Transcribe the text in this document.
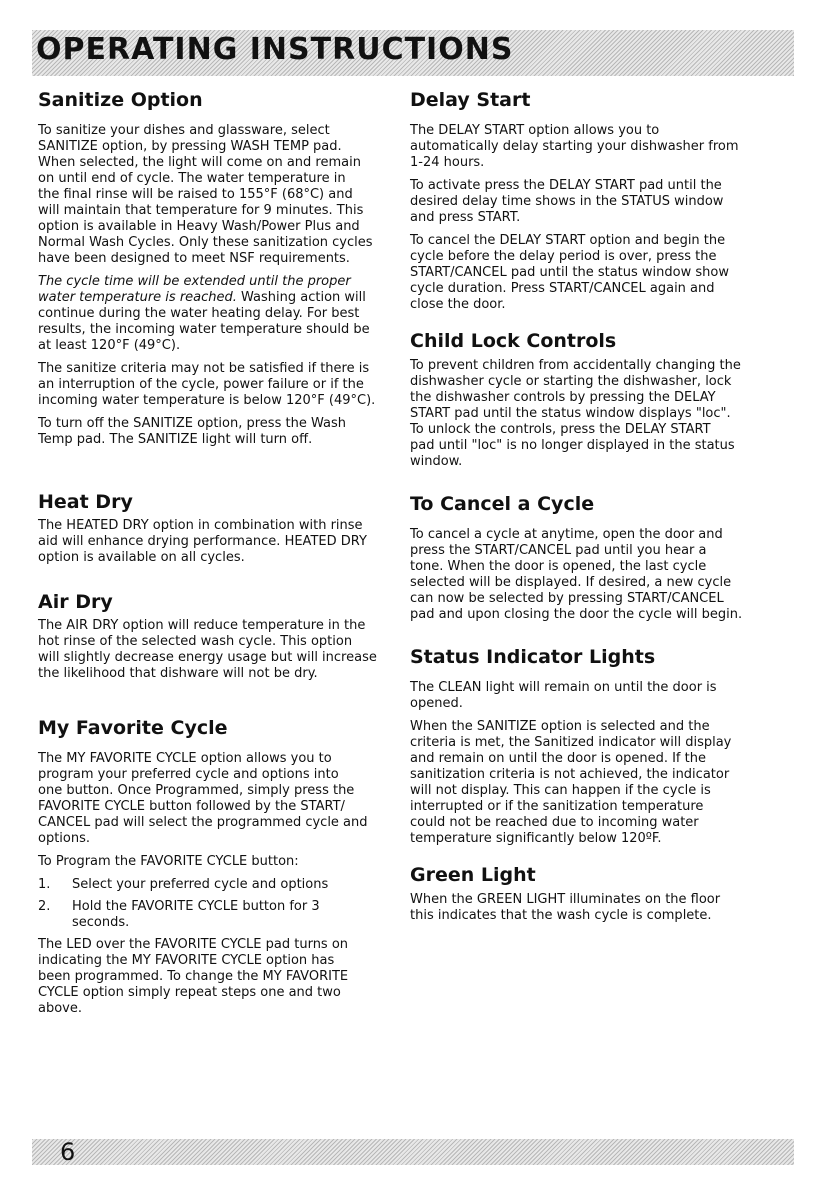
OPERATING INSTRUCTIONS
Sanitize Option

To sanitize your dishes and glassware, select
SANITIZE option, by pressing WASH TEMP pad.
When selected, the light will come on and remain
on until end of cycle. The water temperature in
the final rinse will be raised to 155°F (68°C) and
will maintain that temperature for 9 minutes. This
option is available in Heavy Wash/Power Plus and
Normal Wash Cycles. Only these sanitization cycles
have been designed to meet NSF requirements.

The cycle time will be extended until the proper
water temperature is reached. Washing action will
continue during the water heating delay. For best
results, the incoming water temperature should be
at least 120°F (49°C).

The sanitize criteria may not be satisfied if there is
an interruption of the cycle, power failure or if the
incoming water temperature is below 120°F (49°C).

To turn off the SANITIZE option, press the Wash
Temp pad. The SANITIZE light will turn off.

Heat Dry

The HEATED DRY option in combination with rinse
aid will enhance drying performance. HEATED DRY
option is available on all cycles.

Air Dry

The AIR DRY option will reduce temperature in the
hot rinse of the selected wash cycle. This option
will slightly decrease energy usage but will increase
the likelihood that dishware will not be dry.

My Favorite Cycle

The MY FAVORITE CYCLE option allows you to
program your preferred cycle and options into
one button. Once Programmed, simply press the
FAVORITE CYCLE button followed by the START/
CANCEL pad will select the programmed cycle and
options.

To Program the FAVORITE CYCLE button:

1.	Select your preferred cycle and options
2.	Hold the FAVORITE CYCLE button for 3
seconds.

The LED over the FAVORITE CYCLE pad turns on
indicating the MY FAVORITE CYCLE option has
been programmed. To change the MY FAVORITE
CYCLE option simply repeat steps one and two
above.

Delay Start

The DELAY START option allows you to
automatically delay starting your dishwasher from
1-24 hours.

To activate press the DELAY START pad until the
desired delay time shows in the STATUS window
and press START.

To cancel the DELAY START option and begin the
cycle before the delay period is over, press the
START/CANCEL pad until the status window show
cycle duration. Press START/CANCEL again and
close the door.

Child Lock Controls

To prevent children from accidentally changing the
dishwasher cycle or starting the dishwasher, lock
the dishwasher controls by pressing the DELAY
START pad until the status window displays "loc".
To unlock the controls, press the DELAY START
pad until "loc" is no longer displayed in the status
window.

To Cancel a Cycle

To cancel a cycle at anytime, open the door and
press the START/CANCEL pad until you hear a
tone. When the door is opened, the last cycle
selected will be displayed. If desired, a new cycle
can now be selected by pressing START/CANCEL
pad and upon closing the door the cycle will begin.

Status Indicator Lights

The CLEAN light will remain on until the door is
opened.

When the SANITIZE option is selected and the
criteria is met, the Sanitized indicator will display
and remain on until the door is opened. If the
sanitization criteria is not achieved, the indicator
will not display. This can happen if the cycle is
interrupted or if the sanitization temperature
could not be reached due to incoming water
temperature significantly below 120ºF.

Green Light

When the GREEN LIGHT illuminates on the floor
this indicates that the wash cycle is complete.

6
